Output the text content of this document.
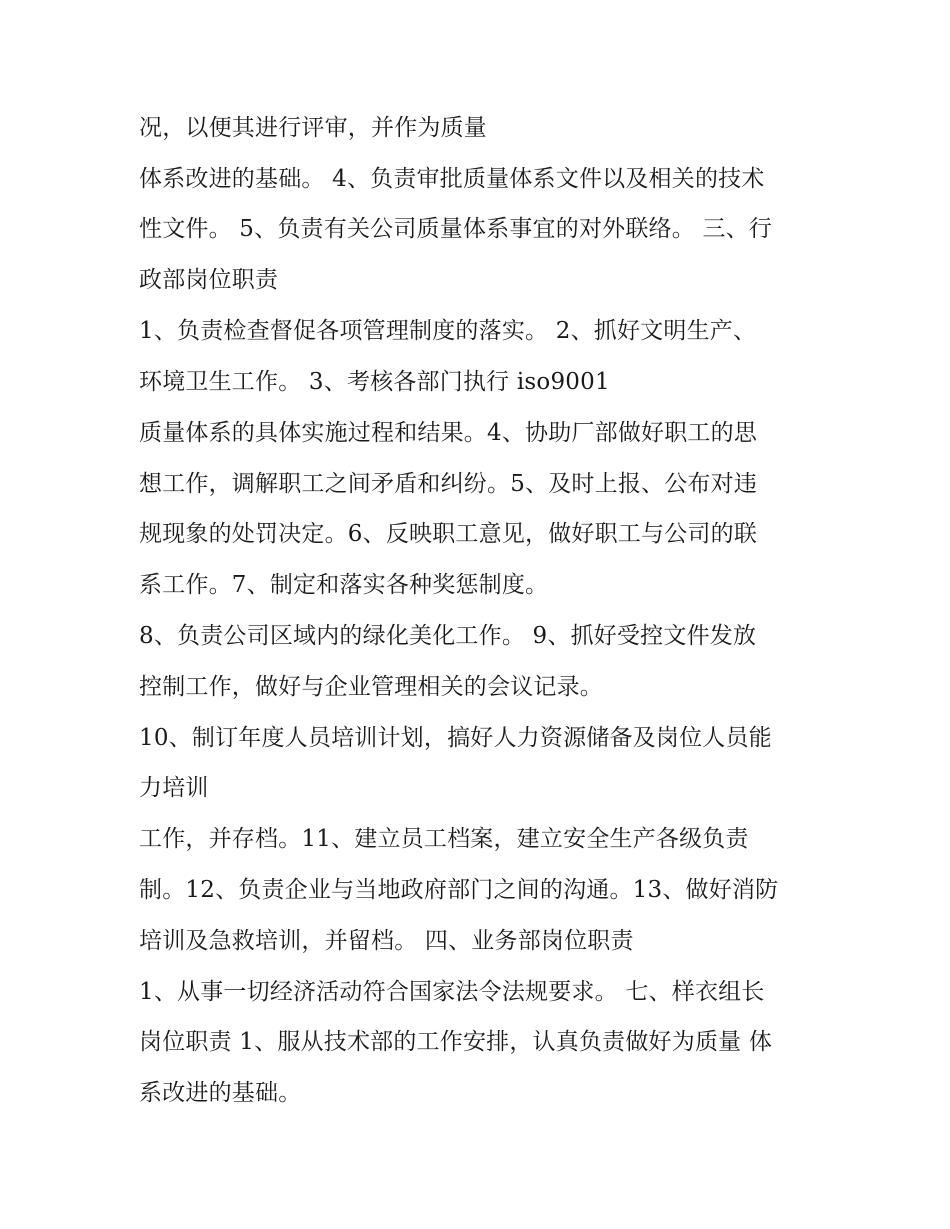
况，以便其进行评审，并作为质量

体系改进的基础。 4、负责审批质量体系文件以及相关的技术

性文件。 5、负责有关公司质量体系事宜的对外联络。 三、行

政部岗位职责

1、负责检查督促各项管理制度的落实。 2、抓好文明生产、

环境卫生工作。 3、考核各部门执行 iso9001

质量体系的具体实施过程和结果。4、协助厂部做好职工的思

想工作，调解职工之间矛盾和纠纷。5、及时上报、公布对违

规现象的处罚决定。6、反映职工意见，做好职工与公司的联

系工作。7、制定和落实各种奖惩制度。

8、负责公司区域内的绿化美化工作。 9、抓好受控文件发放

控制工作，做好与企业管理相关的会议记录。

10、制订年度人员培训计划，搞好人力资源储备及岗位人员能

力培训

工作，并存档。11、建立员工档案，建立安全生产各级负责

制。12、负责企业与当地政府部门之间的沟通。13、做好消防

培训及急救培训，并留档。 四、业务部岗位职责

1、从事一切经济活动符合国家法令法规要求。 七、样衣组长

岗位职责 1、服从技术部的工作安排，认真负责做好为质量 体

系改进的基础。
